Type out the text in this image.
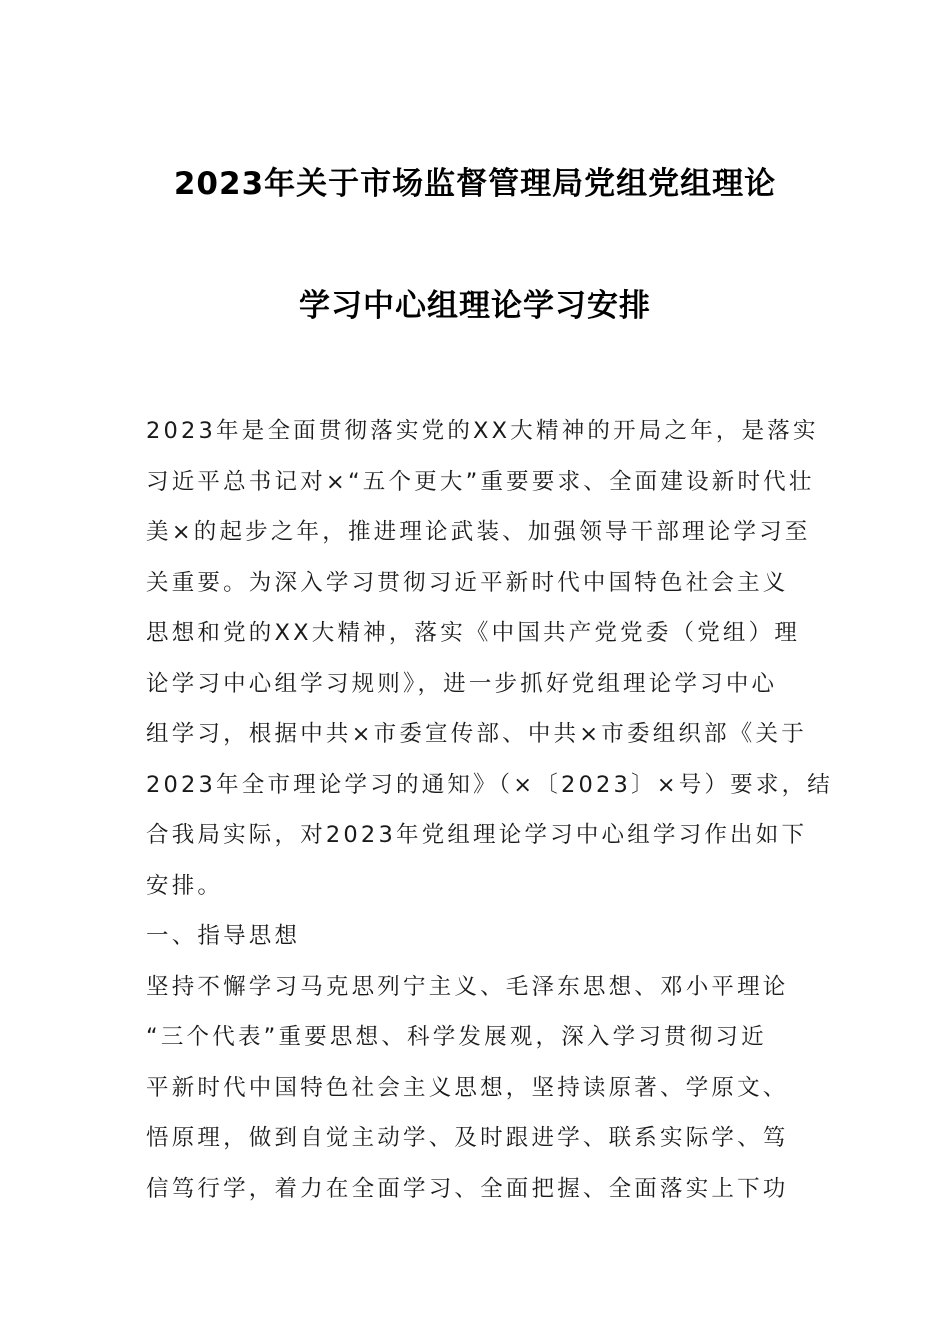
2023年关于市场监督管理局党组党组理论
学习中心组理论学习安排
2023年是全面贯彻落实党的XX大精神的开局之年，是落实
习近平总书记对×“五个更大”重要要求、全面建设新时代壮
美×的起步之年，推进理论武装、加强领导干部理论学习至
关重要。为深入学习贯彻习近平新时代中国特色社会主义
思想和党的XX大精神，落实《中国共产党党委（党组）理
论学习中心组学习规则》，进一步抓好党组理论学习中心
组学习，根据中共×市委宣传部、中共×市委组织部《关于
2023年全市理论学习的通知》（×〔2023〕×号）要求，结
合我局实际，对2023年党组理论学习中心组学习作出如下
安排。
一、指导思想
坚持不懈学习马克思列宁主义、毛泽东思想、邓小平理论
“三个代表”重要思想、科学发展观，深入学习贯彻习近
平新时代中国特色社会主义思想，坚持读原著、学原文、
悟原理，做到自觉主动学、及时跟进学、联系实际学、笃
信笃行学，着力在全面学习、全面把握、全面落实上下功
